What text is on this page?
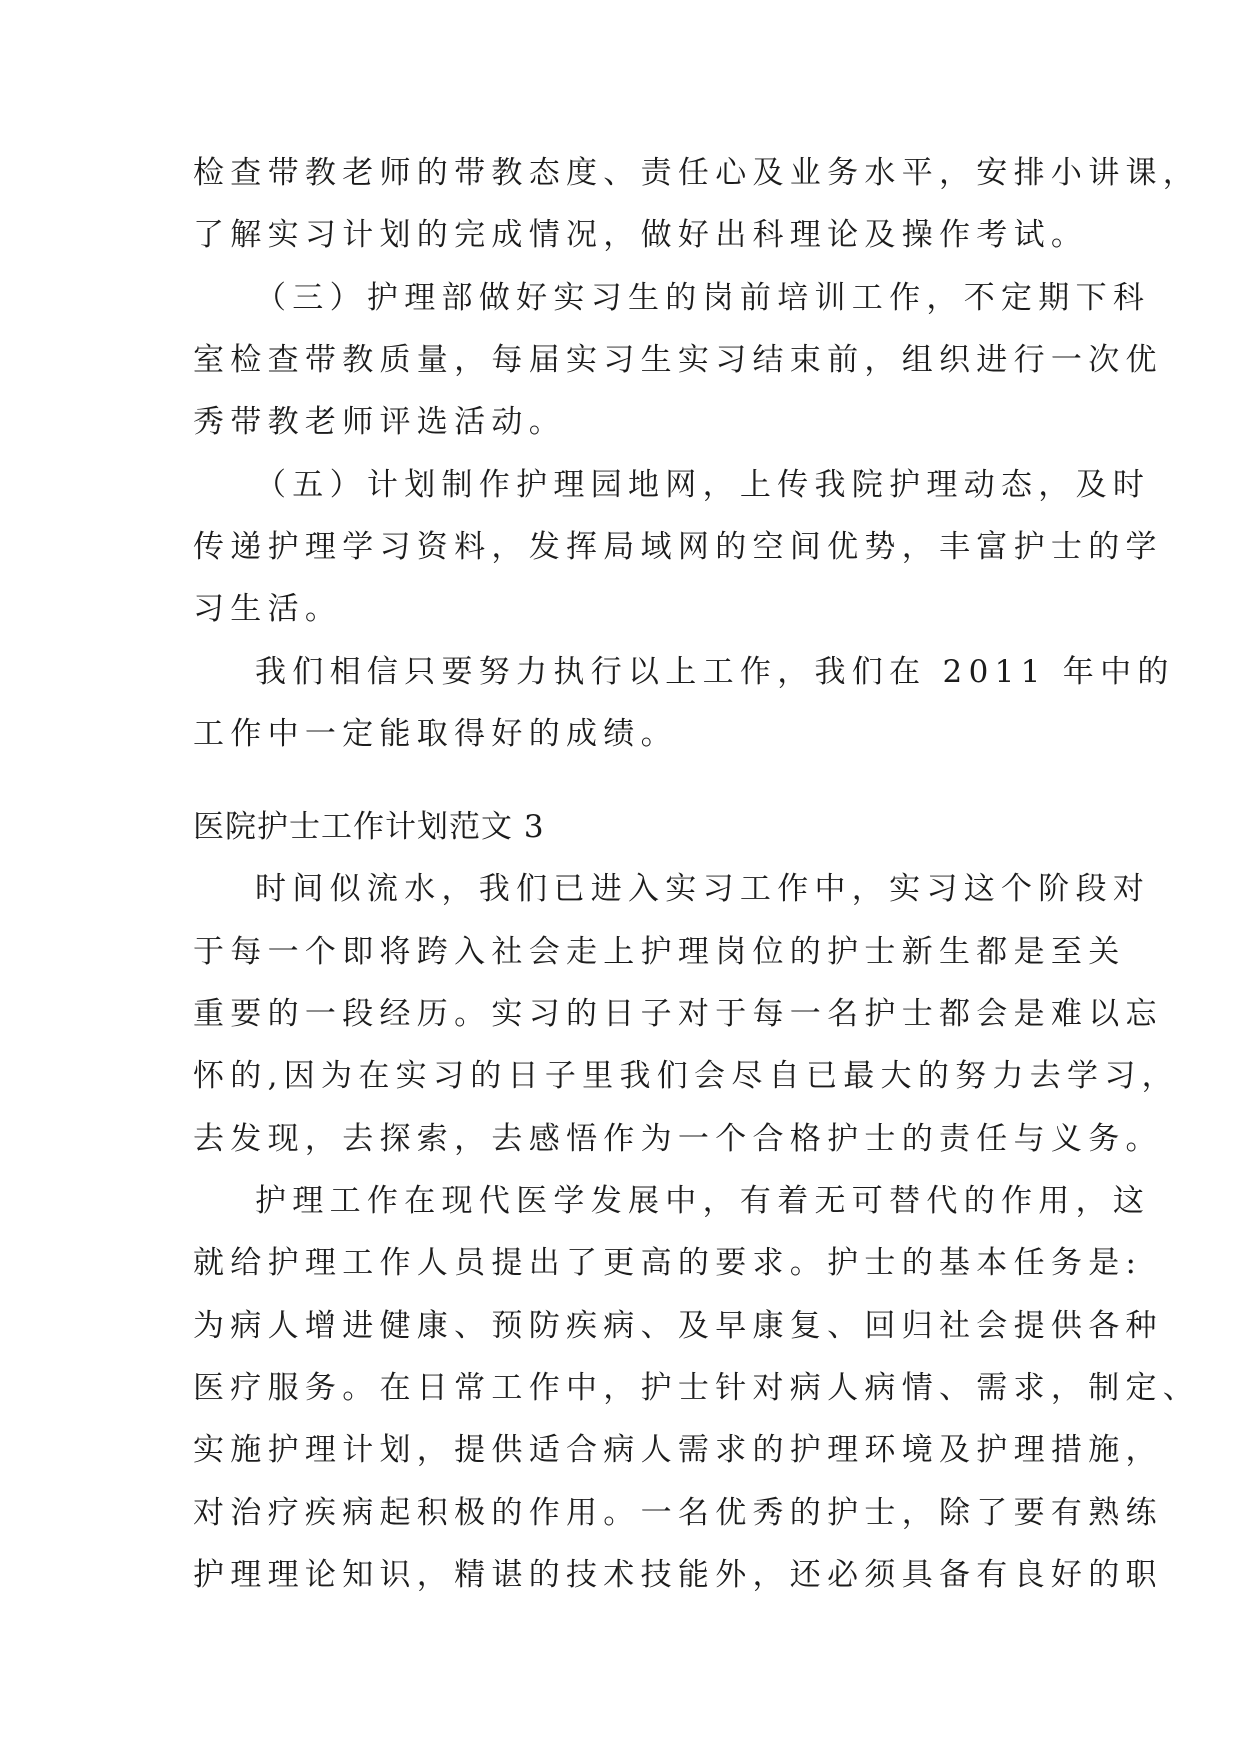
检查带教老师的带教态度、责任心及业务水平，安排小讲课，
了解实习计划的完成情况，做好出科理论及操作考试。
（三）护理部做好实习生的岗前培训工作，不定期下科
室检查带教质量，每届实习生实习结束前，组织进行一次优
秀带教老师评选活动。
（五）计划制作护理园地网，上传我院护理动态，及时
传递护理学习资料，发挥局域网的空间优势，丰富护士的学
习生活。
我们相信只要努力执行以上工作，我们在 2011 年中的
工作中一定能取得好的成绩。
医院护士工作计划范文 3
时间似流水，我们已进入实习工作中，实习这个阶段对
于每一个即将跨入社会走上护理岗位的护士新生都是至关
重要的一段经历。实习的日子对于每一名护士都会是难以忘
怀的,因为在实习的日子里我们会尽自已最大的努力去学习，
去发现，去探索，去感悟作为一个合格护士的责任与义务。
护理工作在现代医学发展中，有着无可替代的作用，这
就给护理工作人员提出了更高的要求。护士的基本任务是:
为病人增进健康、预防疾病、及早康复、回归社会提供各种
医疗服务。在日常工作中，护士针对病人病情、需求，制定、
实施护理计划，提供适合病人需求的护理环境及护理措施，
对治疗疾病起积极的作用。一名优秀的护士，除了要有熟练
护理理论知识，精谌的技术技能外，还必须具备有良好的职
